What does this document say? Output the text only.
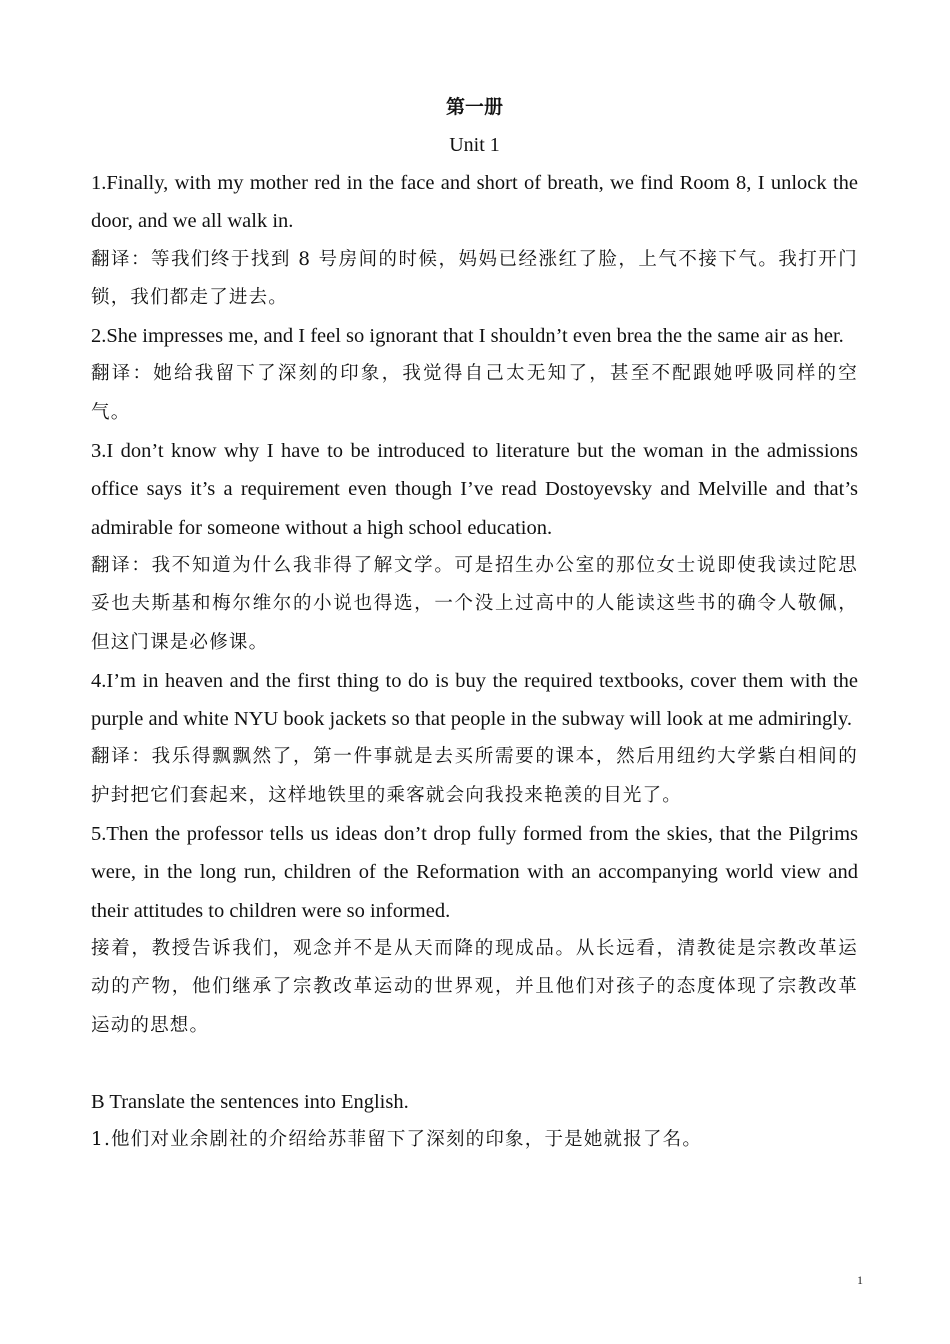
第一册
Unit 1

1.Finally, with my mother red in the face and short of breath, we find Room 8, I unlock the door, and we all walk in.

翻译：等我们终于找到 8 号房间的时候，妈妈已经涨红了脸，上气不接下气。我打开门锁，我们都走了进去。

2.She impresses me, and I feel so ignorant that I shouldn’t even brea the the same air as her.

翻译：她给我留下了深刻的印象，我觉得自己太无知了，甚至不配跟她呼吸同样的空气。

3.I don’t know why I have to be introduced to literature but the woman in the admissions office says it’s a requirement even though I’ve read Dostoyevsky and Melville and that’s admirable for someone without a high school education.

翻译：我不知道为什么我非得了解文学。可是招生办公室的那位女士说即使我读过陀思妥也夫斯基和梅尔维尔的小说也得选，一个没上过高中的人能读这些书的确令人敬佩，但这门课是必修课。

4.I’m in heaven and the first thing to do is buy the required textbooks, cover them with the purple and white NYU book jackets so that people in the subway will look at me admiringly.

翻译：我乐得飘飘然了，第一件事就是去买所需要的课本，然后用纽约大学紫白相间的护封把它们套起来，这样地铁里的乘客就会向我投来艳羡的目光了。

5.Then the professor tells us ideas don’t drop fully formed from the skies, that the Pilgrims were, in the long run, children of the Reformation with an accompanying world view and their attitudes to children were so informed.

接着，教授告诉我们，观念并不是从天而降的现成品。从长远看，清教徒是宗教改革运动的产物，他们继承了宗教改革运动的世界观，并且他们对孩子的态度体现了宗教改革运动的思想。

B Translate the sentences into English.

1.他们对业余剧社的介绍给苏菲留下了深刻的印象，于是她就报了名。

1
